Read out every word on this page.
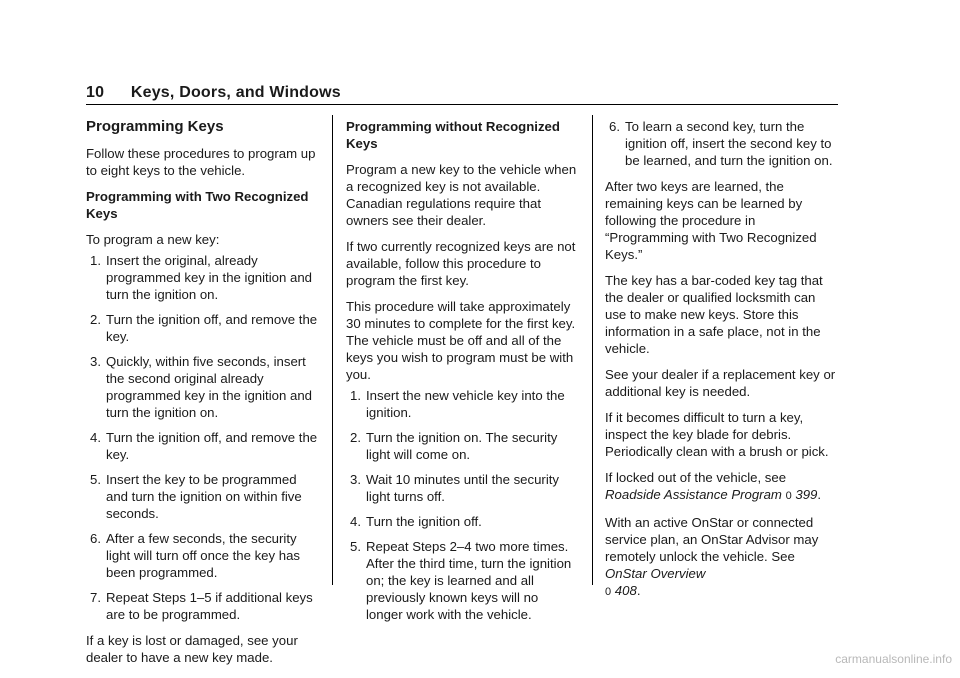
10 Keys, Doors, and Windows
Programming Keys

Follow these procedures to program up to eight keys to the vehicle.

Programming with Two Recognized Keys

To program a new key:

1. Insert the original, already programmed key in the ignition and turn the ignition on.
2. Turn the ignition off, and remove the key.
3. Quickly, within five seconds, insert the second original already programmed key in the ignition and turn the ignition on.
4. Turn the ignition off, and remove the key.
5. Insert the key to be programmed and turn the ignition on within five seconds.
6. After a few seconds, the security light will turn off once the key has been programmed.
7. Repeat Steps 1–5 if additional keys are to be programmed.

If a key is lost or damaged, see your dealer to have a new key made.

Programming without Recognized Keys

Program a new key to the vehicle when a recognized key is not available. Canadian regulations require that owners see their dealer.

If two currently recognized keys are not available, follow this procedure to program the first key.

This procedure will take approximately 30 minutes to complete for the first key. The vehicle must be off and all of the keys you wish to program must be with you.

1. Insert the new vehicle key into the ignition.
2. Turn the ignition on. The security light will come on.
3. Wait 10 minutes until the security light turns off.
4. Turn the ignition off.
5. Repeat Steps 2–4 two more times. After the third time, turn the ignition on; the key is learned and all previously known keys will no longer work with the vehicle.
6. To learn a second key, turn the ignition off, insert the second key to be learned, and turn the ignition on.

After two keys are learned, the remaining keys can be learned by following the procedure in “Programming with Two Recognized Keys.”

The key has a bar-coded key tag that the dealer or qualified locksmith can use to make new keys. Store this information in a safe place, not in the vehicle.

See your dealer if a replacement key or additional key is needed.

If it becomes difficult to turn a key, inspect the key blade for debris. Periodically clean with a brush or pick.

If locked out of the vehicle, see Roadside Assistance Program 0 399.

With an active OnStar or connected service plan, an OnStar Advisor may remotely unlock the vehicle. See OnStar Overview
0 408.

carmanualsonline.info
